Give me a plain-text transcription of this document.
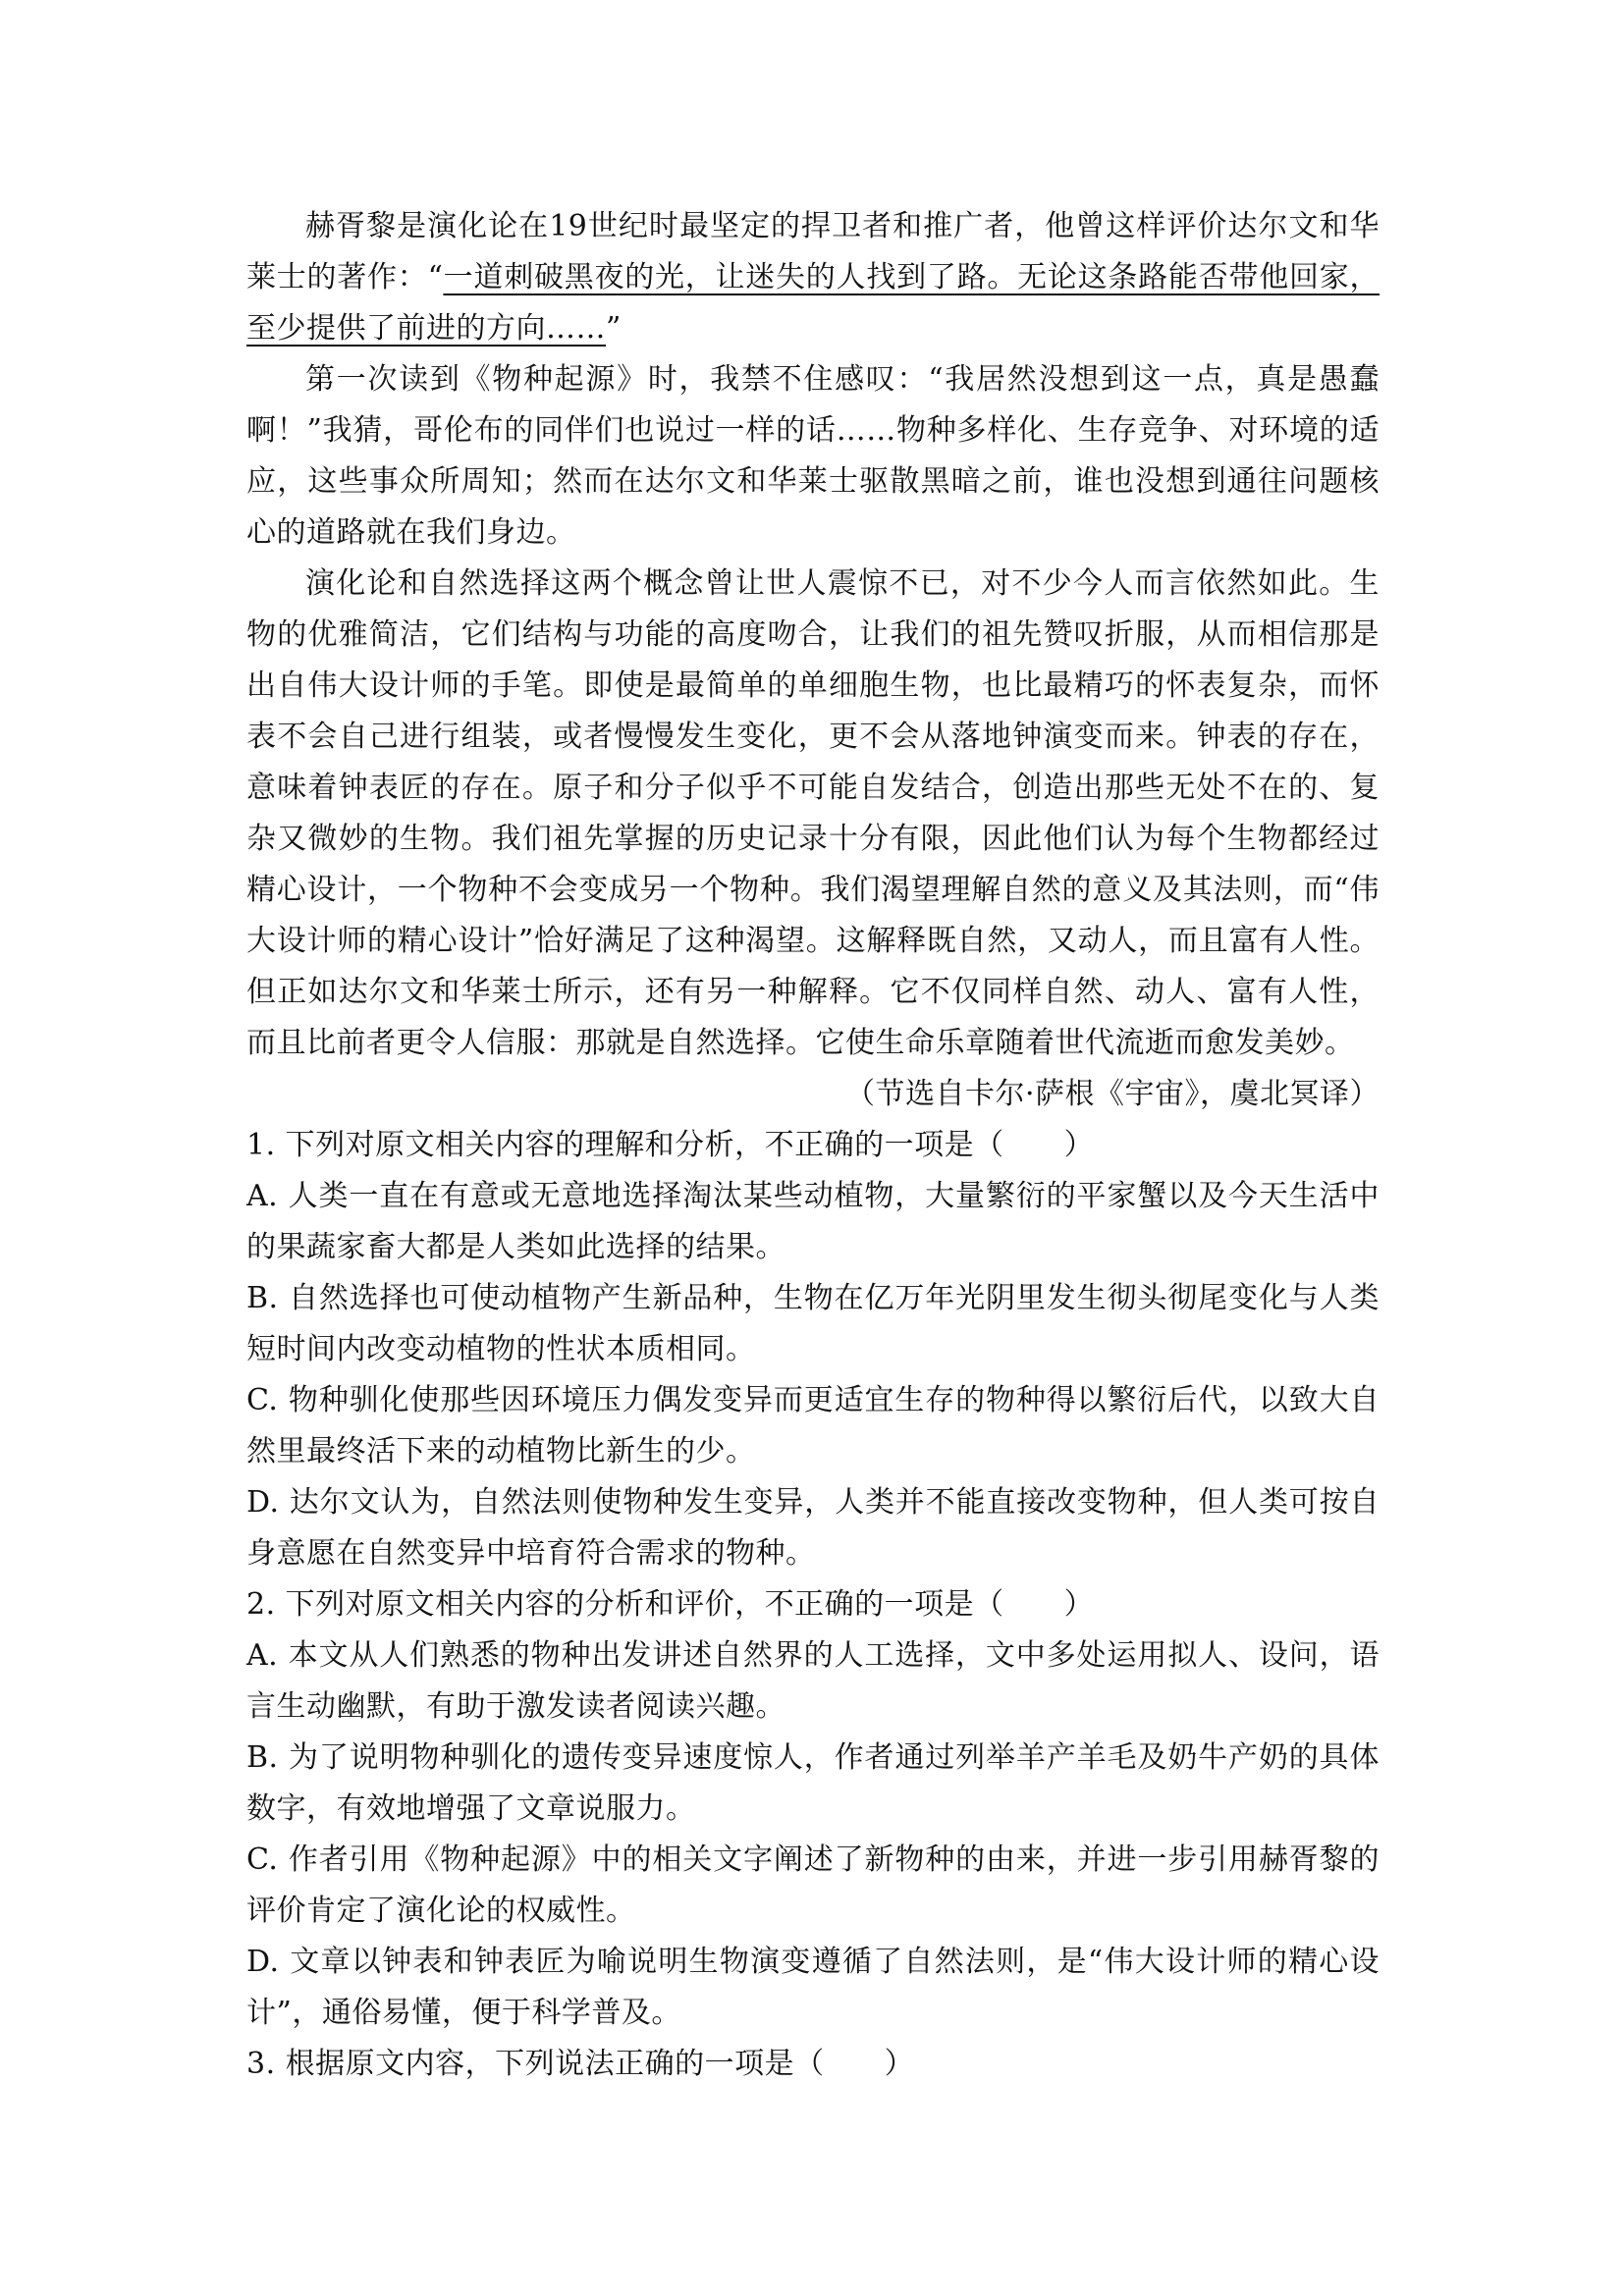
赫胥黎是演化论在19世纪时最坚定的捍卫者和推广者，他曾这样评价达尔文和华莱士的著作：“一道刺破黑夜的光，让迷失的人找到了路。无论这条路能否带他回家，至少提供了前进的方向……”

第一次读到《物种起源》时，我禁不住感叹：“我居然没想到这一点，真是愚蠢啊！”我猜，哥伦布的同伴们也说过一样的话……物种多样化、生存竞争、对环境的适应，这些事众所周知；然而在达尔文和华莱士驱散黑暗之前，谁也没想到通往问题核心的道路就在我们身边。

演化论和自然选择这两个概念曾让世人震惊不已，对不少今人而言依然如此。生物的优雅简洁，它们结构与功能的高度吻合，让我们的祖先赞叹折服，从而相信那是出自伟大设计师的手笔。即使是最简单的单细胞生物，也比最精巧的怀表复杂，而怀表不会自己进行组装，或者慢慢发生变化，更不会从落地钟演变而来。钟表的存在，意味着钟表匠的存在。原子和分子似乎不可能自发结合，创造出那些无处不在的、复杂又微妙的生物。我们祖先掌握的历史记录十分有限，因此他们认为每个生物都经过精心设计，一个物种不会变成另一个物种。我们渴望理解自然的意义及其法则，而“伟大设计师的精心设计”恰好满足了这种渴望。这解释既自然，又动人，而且富有人性。但正如达尔文和华莱士所示，还有另一种解释。它不仅同样自然、动人、富有人性，而且比前者更令人信服：那就是自然选择。它使生命乐章随着世代流逝而愈发美妙。

（节选自卡尔·萨根《宇宙》，虞北冥译）

1. 下列对原文相关内容的理解和分析，不正确的一项是（　　）

A. 人类一直在有意或无意地选择淘汰某些动植物，大量繁衍的平家蟹以及今天生活中的果蔬家畜大都是人类如此选择的结果。

B. 自然选择也可使动植物产生新品种，生物在亿万年光阴里发生彻头彻尾变化与人类短时间内改变动植物的性状本质相同。

C. 物种驯化使那些因环境压力偶发变异而更适宜生存的物种得以繁衍后代，以致大自然里最终活下来的动植物比新生的少。

D. 达尔文认为，自然法则使物种发生变异，人类并不能直接改变物种，但人类可按自身意愿在自然变异中培育符合需求的物种。

2. 下列对原文相关内容的分析和评价，不正确的一项是（　　）

A. 本文从人们熟悉的物种出发讲述自然界的人工选择，文中多处运用拟人、设问，语言生动幽默，有助于激发读者阅读兴趣。

B. 为了说明物种驯化的遗传变异速度惊人，作者通过列举羊产羊毛及奶牛产奶的具体数字，有效地增强了文章说服力。

C. 作者引用《物种起源》中的相关文字阐述了新物种的由来，并进一步引用赫胥黎的评价肯定了演化论的权威性。

D. 文章以钟表和钟表匠为喻说明生物演变遵循了自然法则，是“伟大设计师的精心设计”，通俗易懂，便于科学普及。

3. 根据原文内容，下列说法正确的一项是（　　）
